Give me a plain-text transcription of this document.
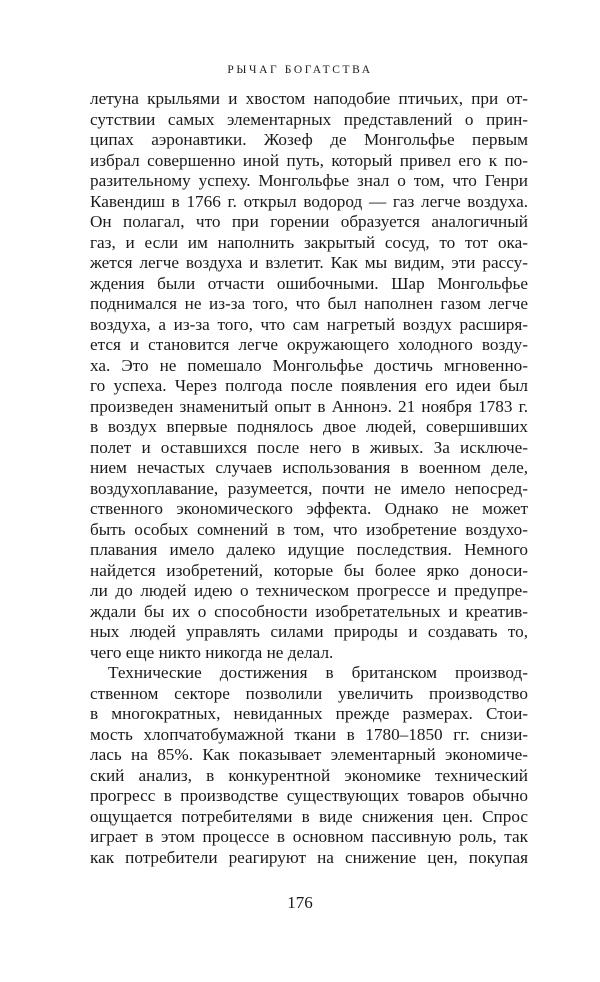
РЫЧАГ БОГАТСТВА
летуна крыльями и хвостом наподобие птичьих, при от-
сутствии самых элементарных представлений о прин-
ципах аэронавтики. Жозеф де Монгольфье первым
избрал совершенно иной путь, который привел его к по-
разительному успеху. Монгольфье знал о том, что Генри
Кавендиш в 1766 г. открыл водород — газ легче воздуха.
Он полагал, что при горении образуется аналогичный
газ, и если им наполнить закрытый сосуд, то тот ока-
жется легче воздуха и взлетит. Как мы видим, эти рассу-
ждения были отчасти ошибочными. Шар Монгольфье
поднимался не из-за того, что был наполнен газом легче
воздуха, а из-за того, что сам нагретый воздух расширя-
ется и становится легче окружающего холодного возду-
ха. Это не помешало Монгольфье достичь мгновенно-
го успеха. Через полгода после появления его идеи был
произведен знаменитый опыт в Аннонэ. 21 ноября 1783 г.
в воздух впервые поднялось двое людей, совершивших
полет и оставшихся после него в живых. За исключе-
нием нечастых случаев использования в военном деле,
воздухоплавание, разумеется, почти не имело непосред-
ственного экономического эффекта. Однако не может
быть особых сомнений в том, что изобретение воздухо-
плавания имело далеко идущие последствия. Немного
найдется изобретений, которые бы более ярко доноси-
ли до людей идею о техническом прогрессе и предупре-
ждали бы их о способности изобретательных и креатив-
ных людей управлять силами природы и создавать то,
чего еще никто никогда не делал.
Технические достижения в британском производ-
ственном секторе позволили увеличить производство
в многократных, невиданных прежде размерах. Стои-
мость хлопчатобумажной ткани в 1780–1850 гг. снизи-
лась на 85%. Как показывает элементарный экономиче-
ский анализ, в конкурентной экономике технический
прогресс в производстве существующих товаров обычно
ощущается потребителями в виде снижения цен. Спрос
играет в этом процессе в основном пассивную роль, так
как потребители реагируют на снижение цен, покупая
176
